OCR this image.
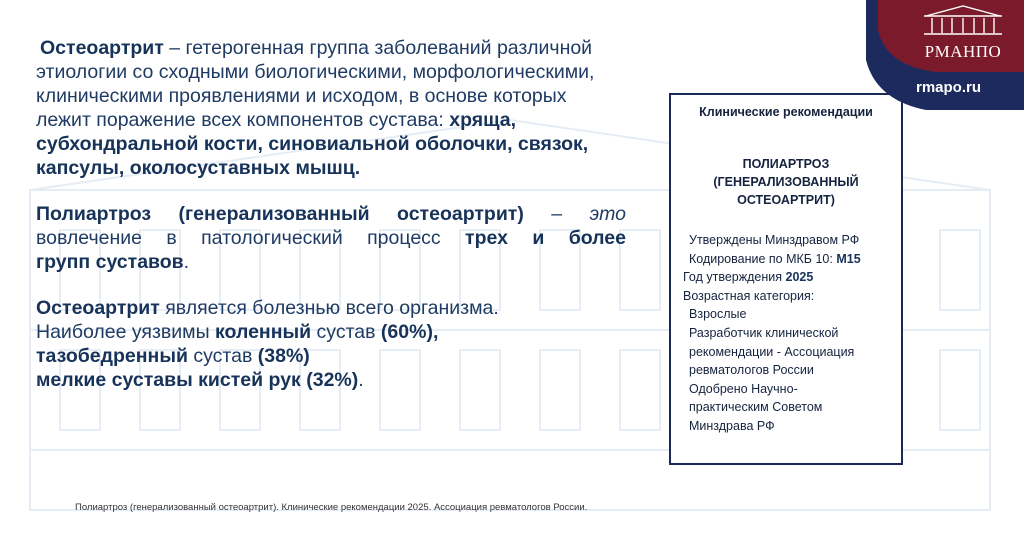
РМАНПО
rmapo.ru

Остеоартрит – гетерогенная группа заболеваний различной этиологии со сходными биологическими, морфологическими, клиническими проявлениями и исходом, в основе которых лежит поражение всех компонентов сустава: хряща, субхондральной кости, синовиальной оболочки, связок, капсулы, околосуставных мышц.

Полиартроз (генерализованный остеоартрит) – это вовлечение в патологический процесс трех и более

групп суставов.

Остеоартрит является болезнью всего организма.
Наиболее уязвимы коленный сустав (60%),
тазобедренный сустав (38%)
мелкие суставы кистей рук (32%).

Клинические рекомендации
ПОЛИАРТРОЗ
(ГЕНЕРАЛИЗОВАННЫЙ
ОСТЕОАРТРИТ)
Утверждены Минздравом РФ
Кодирование по МКБ 10: М15
Год утверждения 2025
Возрастная категория:
Взрослые
Разработчик клинической
рекомендации - Ассоциация
ревматологов России
Одобрено Научно-
практическим Советом
Минздрава РФ
Полиартроз (генерализованный остеоартрит). Клинические рекомендации 2025. Ассоциация ревматологов России.
